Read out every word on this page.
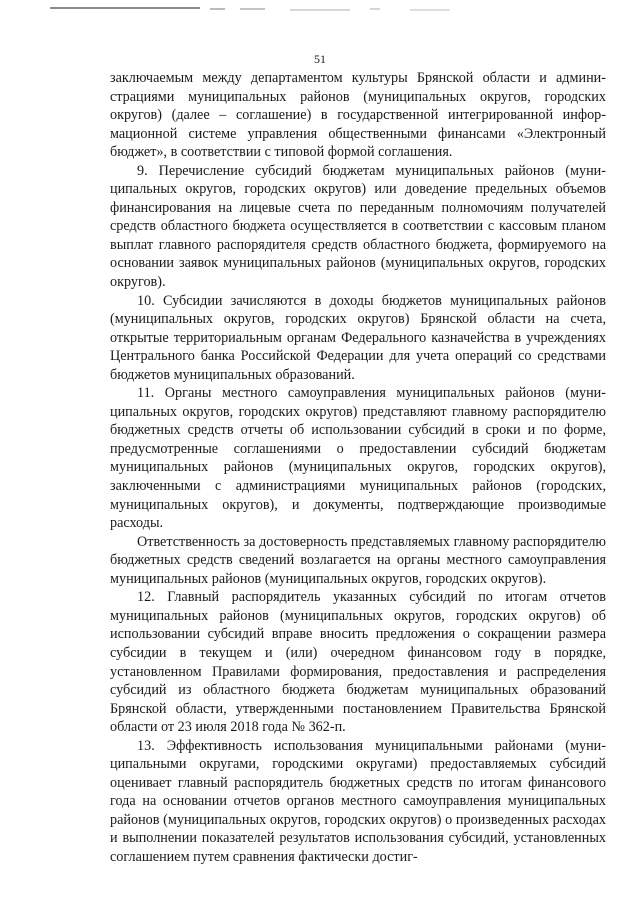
51

заключаемым между департаментом культуры Брянской области и администрациями муниципальных районов (муниципальных округов, городских округов) (далее – соглашение) в государственной интегрированной информационной системе управления общественными финансами «Электронный бюджет», в соответствии с типовой формой соглашения.

9. Перечисление субсидий бюджетам муниципальных районов (муниципальных округов, городских округов) или доведение предельных объемов финансирования на лицевые счета по переданным полномочиям получателей средств областного бюджета осуществляется в соответствии с кассовым планом выплат главного распорядителя средств областного бюджета, формируемого на основании заявок муниципальных районов (муниципальных округов, городских округов).

10. Субсидии зачисляются в доходы бюджетов муниципальных районов (муниципальных округов, городских округов) Брянской области на счета, открытые территориальным органам Федерального казначейства в учреждениях Центрального банка Российской Федерации для учета операций со средствами бюджетов муниципальных образований.

11. Органы местного самоуправления муниципальных районов (муниципальных округов, городских округов) представляют главному распорядителю бюджетных средств отчеты об использовании субсидий в сроки и по форме, предусмотренные соглашениями о предоставлении субсидий бюджетам муниципальных районов (муниципальных округов, городских округов), заключенными с администрациями муниципальных районов (городских, муниципальных округов), и документы, подтверждающие производимые расходы.

Ответственность за достоверность представляемых главному распорядителю бюджетных средств сведений возлагается на органы местного самоуправления муниципальных районов (муниципальных округов, городских округов).

12. Главный распорядитель указанных субсидий по итогам отчетов муниципальных районов (муниципальных округов, городских округов) об использовании субсидий вправе вносить предложения о сокращении размера субсидии в текущем и (или) очередном финансовом году в порядке, установленном Правилами формирования, предоставления и распределения субсидий из областного бюджета бюджетам муниципальных образований Брянской области, утвержденными постановлением Правительства Брянской области от 23 июля 2018 года № 362-п.

13. Эффективность использования муниципальными районами (муниципальными округами, городскими округами) предоставляемых субсидий оценивает главный распорядитель бюджетных средств по итогам финансового года на основании отчетов органов местного самоуправления муниципальных районов (муниципальных округов, городских округов) о произведенных расходах и выполнении показателей результатов использования субсидий, установленных соглашением путем сравнения фактически достиг-
